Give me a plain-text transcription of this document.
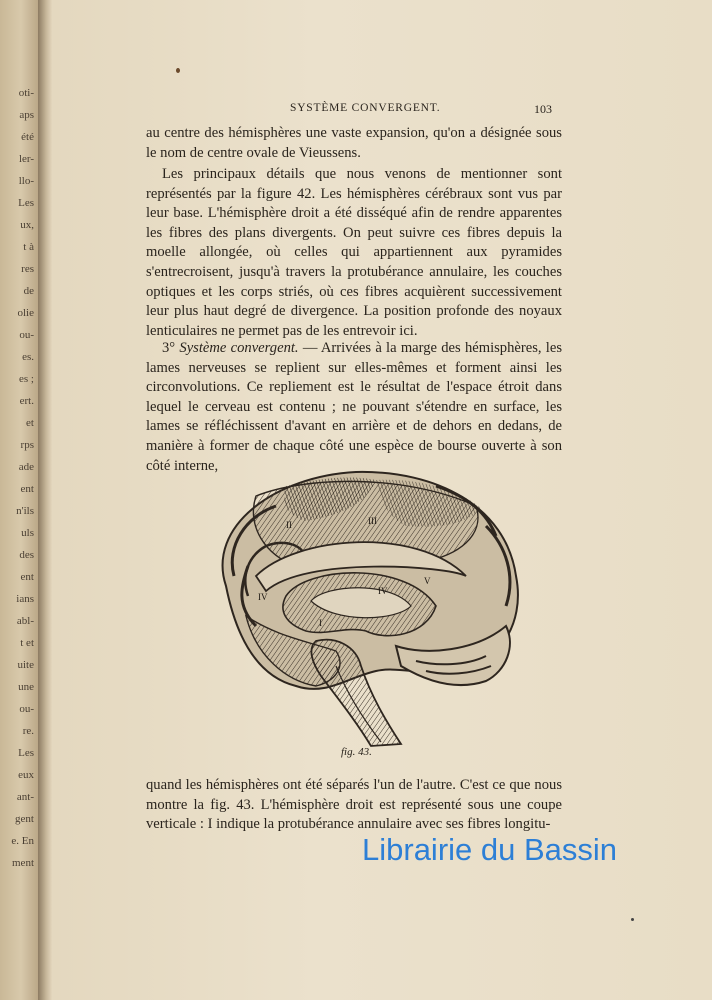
oti-
aps
été
ler-
llo-
Les
ux,
t à
res
de
olie
ou-
es.
es ;
ert.
et
rps
ade
ent
n'ils
uls
des
ent
ians
abl-
t et
uite
une
ou-
re.
Les
eux
ant-
gent
e. En
ment
SYSTÈME CONVERGENT.	103

au centre des hémisphères une vaste expansion, qu'on a désignée sous le nom de centre ovale de Vieussens.

Les principaux détails que nous venons de mentionner sont représentés par la figure 42. Les hémisphères cérébraux sont vus par leur base. L'hémisphère droit a été disséqué afin de rendre apparentes les fibres des plans divergents. On peut suivre ces fibres depuis la moelle allongée, où celles qui appartiennent aux pyramides s'entrecroisent, jusqu'à travers la protubérance annulaire, les couches optiques et les corps striés, où ces fibres acquièrent successivement leur plus haut degré de divergence. La position profonde des noyaux lenticulaires ne permet pas de les entrevoir ici.

3° Système convergent. — Arrivées à la marge des hémisphères, les lames nerveuses se replient sur elles-mêmes et forment ainsi les circonvolutions. Ce repliement est le résultat de l'espace étroit dans lequel le cerveau est contenu ; ne pouvant s'étendre en surface, les lames se réfléchissent d'avant en arrière et de dehors en dedans, de manière à former de chaque côté une espèce de bourse ouverte à son côté interne,

II	III
V
IV
IV
I
fig. 43.

quand les hémisphères ont été séparés l'un de l'autre. C'est ce que nous montre la fig. 43. L'hémisphère droit est représenté sous une coupe verticale : I indique la protubérance annulaire avec ses fibres longitu-

Librairie du Bassin
